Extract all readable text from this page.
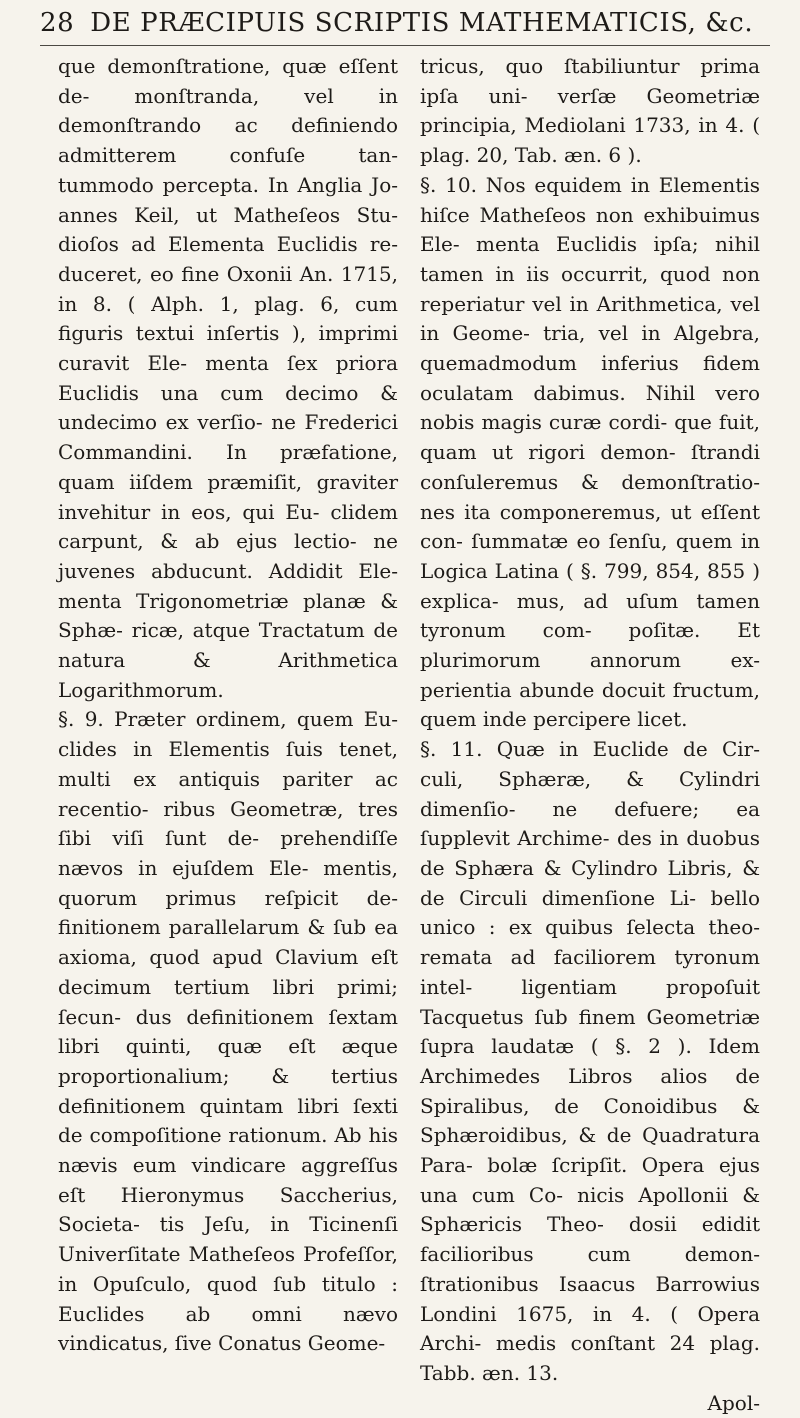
28 DE PRÆCIPUIS SCRIPTIS MATHEMATICIS, &c.

que demonſtratione, quæ eſſent de- monſtranda, vel in demonſtrando ac definiendo admitterem confuſe tan- tummodo percepta. In Anglia Jo- annes Keil, ut Matheſeos Stu- dioſos ad Elementa Euclidis re- duceret, eo fine Oxonii An. 1715, in 8. ( Alph. 1, plag. 6, cum figuris textui inſertis ), imprimi curavit Ele- menta ſex priora Euclidis una cum decimo & undecimo ex verſio- ne Frederici Commandini. In præfatione, quam iiſdem præmiſit, graviter invehitur in eos, qui Eu- clidem carpunt, & ab ejus lectio- ne juvenes abducunt. Addidit Ele- menta Trigonometriæ planæ & Sphæ- ricæ, atque Tractatum de natura & Arithmetica Logarithmorum.

§. 9. Præter ordinem, quem Eu- clides in Elementis ſuis tenet, multi ex antiquis pariter ac recentio- ribus Geometræ, tres ſibi viſi ſunt de- prehendiſſe nævos in ejuſdem Ele- mentis, quorum primus reſpicit de- finitionem parallelarum & ſub ea axioma, quod apud Clavium eſt decimum tertium libri primi; ſecun- dus definitionem ſextam libri quinti, quæ eſt æque proportionalium; & tertius definitionem quintam libri ſexti de compoſitione rationum. Ab his nævis eum vindicare aggreſſus eſt Hieronymus Saccherius, Societa- tis Jeſu, in Ticinenſi Univerſitate Matheſeos Profeſſor, in Opuſculo, quod ſub titulo : Euclides ab omni nævo vindicatus, ſive Conatus Geome-

tricus, quo ſtabiliuntur prima ipſa uni- verſæ Geometriæ principia, Mediolani 1733, in 4. ( plag. 20, Tab. æn. 6 ).

§. 10. Nos equidem in Elementis hiſce Matheſeos non exhibuimus Ele- menta Euclidis ipſa; nihil tamen in iis occurrit, quod non reperiatur vel in Arithmetica, vel in Geome- tria, vel in Algebra, quemadmodum inferius fidem oculatam dabimus. Nihil vero nobis magis curæ cordi- que fuit, quam ut rigori demon- ſtrandi conſuleremus & demonſtratio- nes ita componeremus, ut eſſent con- ſummatæ eo ſenſu, quem in Logica Latina ( §. 799, 854, 855 ) explica- mus, ad uſum tamen tyronum com- poſitæ. Et plurimorum annorum ex- perientia abunde docuit fructum, quem inde percipere licet.

§. 11. Quæ in Euclide de Cir- culi, Sphæræ, & Cylindri dimenſio- ne defuere; ea ſupplevit Archime- des in duobus de Sphæra & Cylindro Libris, & de Circuli dimenſione Li- bello unico : ex quibus ſelecta theo- remata ad faciliorem tyronum intel- ligentiam propoſuit Tacquetus ſub finem Geometriæ ſupra laudatæ ( §. 2 ). Idem Archimedes Libros alios de Spiralibus, de Conoidibus & Sphæroidibus, & de Quadratura Para- bolæ ſcripſit. Opera ejus una cum Co- nicis Apollonii & Sphæricis Theo- dosii edidit facilioribus cum demon- ſtrationibus Isaacus Barrowius Londini 1675, in 4. ( Opera Archi- medis conſtant 24 plag. Tabb. æn. 13.

Apol-
